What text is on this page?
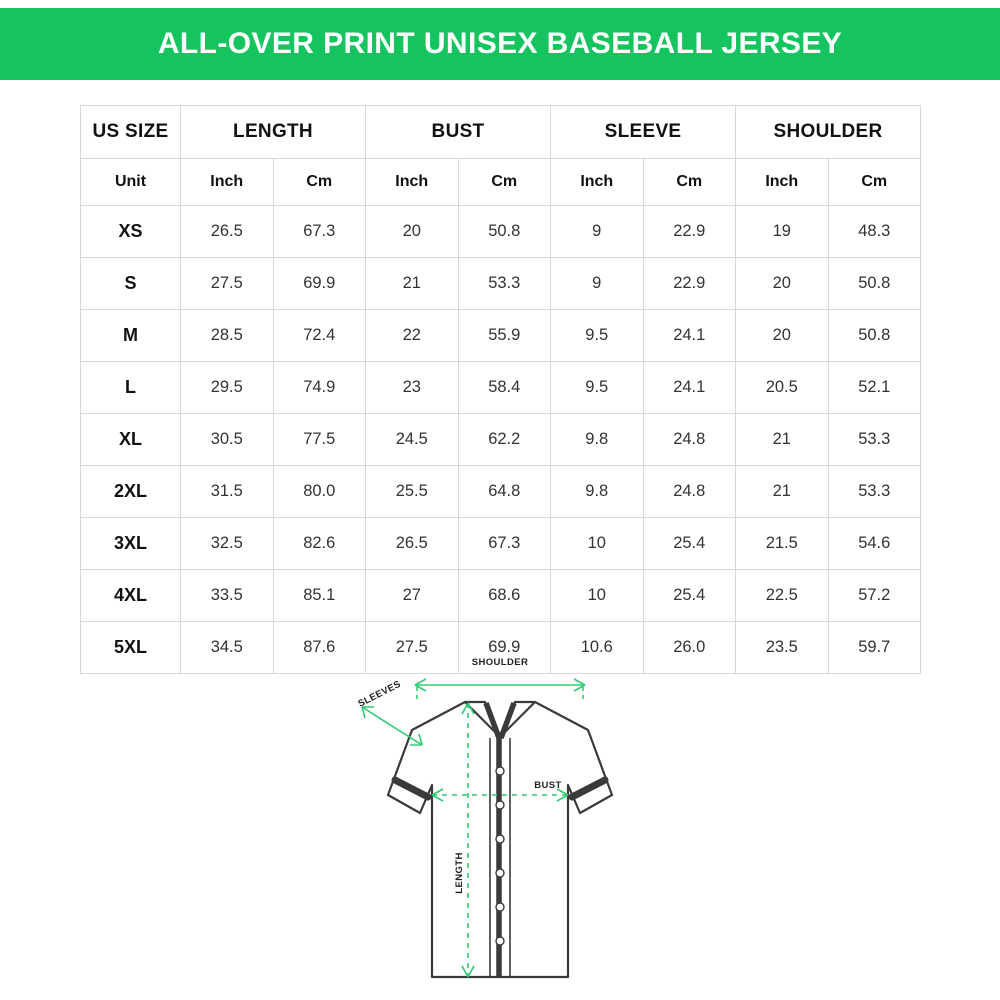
ALL-OVER PRINT UNISEX BASEBALL JERSEY
US SIZE	LENGTH		BUST		SLEEVE		SHOULDER	
Unit	Inch	Cm	Inch	Cm	Inch	Cm	Inch	Cm
XS	26.5	67.3	20	50.8	9	22.9	19	48.3
S	27.5	69.9	21	53.3	9	22.9	20	50.8
M	28.5	72.4	22	55.9	9.5	24.1	20	50.8
L	29.5	74.9	23	58.4	9.5	24.1	20.5	52.1
XL	30.5	77.5	24.5	62.2	9.8	24.8	21	53.3
2XL	31.5	80.0	25.5	64.8	9.8	24.8	21	53.3
3XL	32.5	82.6	26.5	67.3	10	25.4	21.5	54.6
4XL	33.5	85.1	27	68.6	10	25.4	22.5	57.2
5XL	34.5	87.6	27.5	69.9	10.6	26.0	23.5	59.7
SHOULDER
SLEEVES
BUST
LENGTH
